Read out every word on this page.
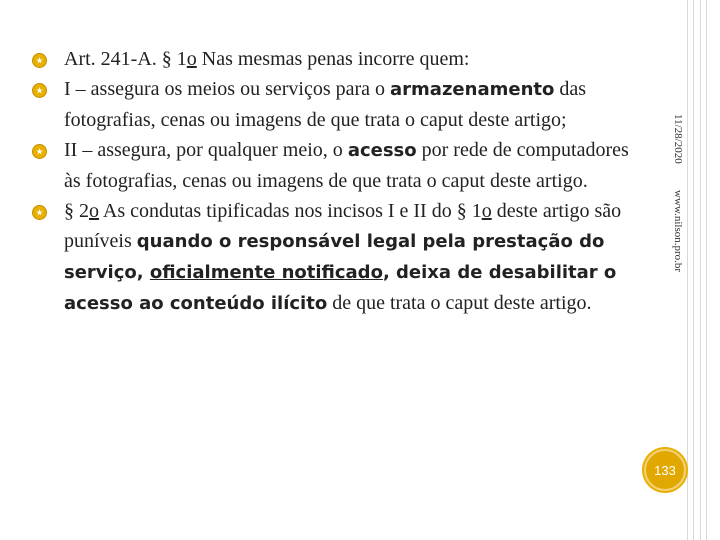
11/28/2020
www.nilson.pro.br
Art. 241-A. § 1o Nas mesmas penas incorre quem:
I – assegura os meios ou serviços para o armazenamento das fotografias, cenas ou imagens de que trata o caput deste artigo;
II – assegura, por qualquer meio, o acesso por rede de computadores às fotografias, cenas ou imagens de que trata o caput deste artigo.
§ 2o As condutas tipificadas nos incisos I e II do § 1o deste artigo são puníveis quando o responsável legal pela prestação do serviço, oficialmente notificado, deixa de desabilitar o acesso ao conteúdo ilícito de que trata o caput deste artigo.
133
